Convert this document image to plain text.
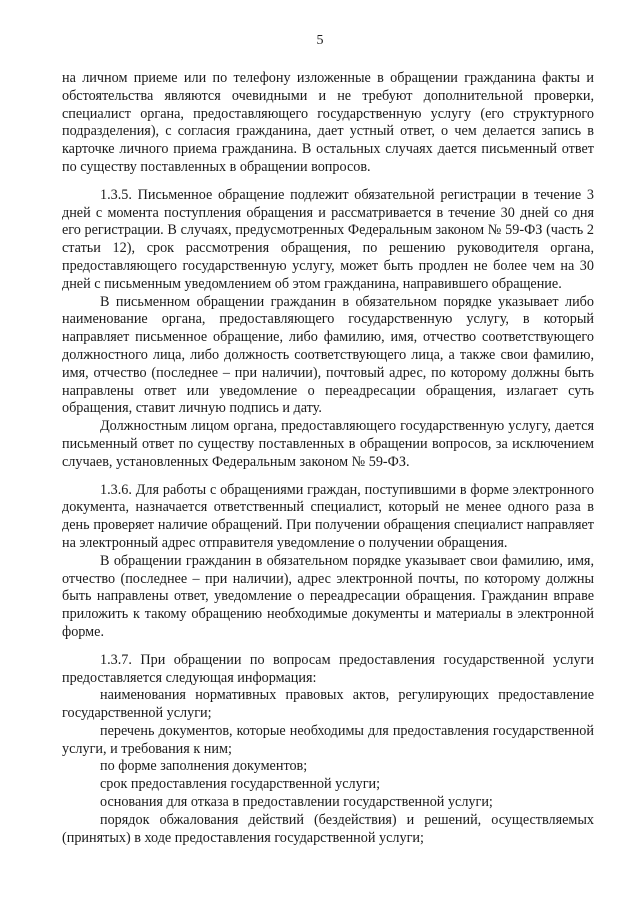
5

на личном приеме или по телефону изложенные в обращении гражданина факты и обстоятельства являются очевидными и не требуют дополнительной проверки, специалист органа, предоставляющего государственную услугу (его структурного подразделения), с согласия гражданина, дает устный ответ, о чем делается запись в карточке личного приема гражданина. В остальных случаях дается письменный ответ по существу поставленных в обращении вопросов.

1.3.5. Письменное обращение подлежит обязательной регистрации в течение 3 дней с момента поступления обращения и рассматривается в течение 30 дней со дня его регистрации. В случаях, предусмотренных Федеральным законом № 59-ФЗ (часть 2 статьи 12), срок рассмотрения обращения, по решению руководителя органа, предоставляющего государственную услугу, может быть продлен не более чем на 30 дней с письменным уведомлением об этом гражданина, направившего обращение.

В письменном обращении гражданин в обязательном порядке указывает либо наименование органа, предоставляющего государственную услугу, в который направляет письменное обращение, либо фамилию, имя, отчество соответствующего должностного лица, либо должность соответствующего лица, а также свои фамилию, имя, отчество (последнее – при наличии), почтовый адрес, по которому должны быть направлены ответ или уведомление о переадресации обращения, излагает суть обращения, ставит личную подпись и дату.

Должностным лицом органа, предоставляющего государственную услугу, дается письменный ответ по существу поставленных в обращении вопросов, за исключением случаев, установленных Федеральным законом № 59-ФЗ.

1.3.6. Для работы с обращениями граждан, поступившими в форме электронного документа, назначается ответственный специалист, который не менее одного раза в день проверяет наличие обращений. При получении обращения специалист направляет на электронный адрес отправителя уведомление о получении обращения.

В обращении гражданин в обязательном порядке указывает свои фамилию, имя, отчество (последнее – при наличии), адрес электронной почты, по которому должны быть направлены ответ, уведомление о переадресации обращения. Гражданин вправе приложить к такому обращению необходимые документы и материалы в электронной форме.

1.3.7. При обращении по вопросам предоставления государственной услуги предоставляется следующая информация:

наименования нормативных правовых актов, регулирующих предоставление государственной услуги;

перечень документов, которые необходимы для предоставления государственной услуги, и требования к ним;

по форме заполнения документов;

срок предоставления государственной услуги;

основания для отказа в предоставлении государственной услуги;

порядок обжалования действий (бездействия) и решений, осуществляемых (принятых) в ходе предоставления государственной услуги;
